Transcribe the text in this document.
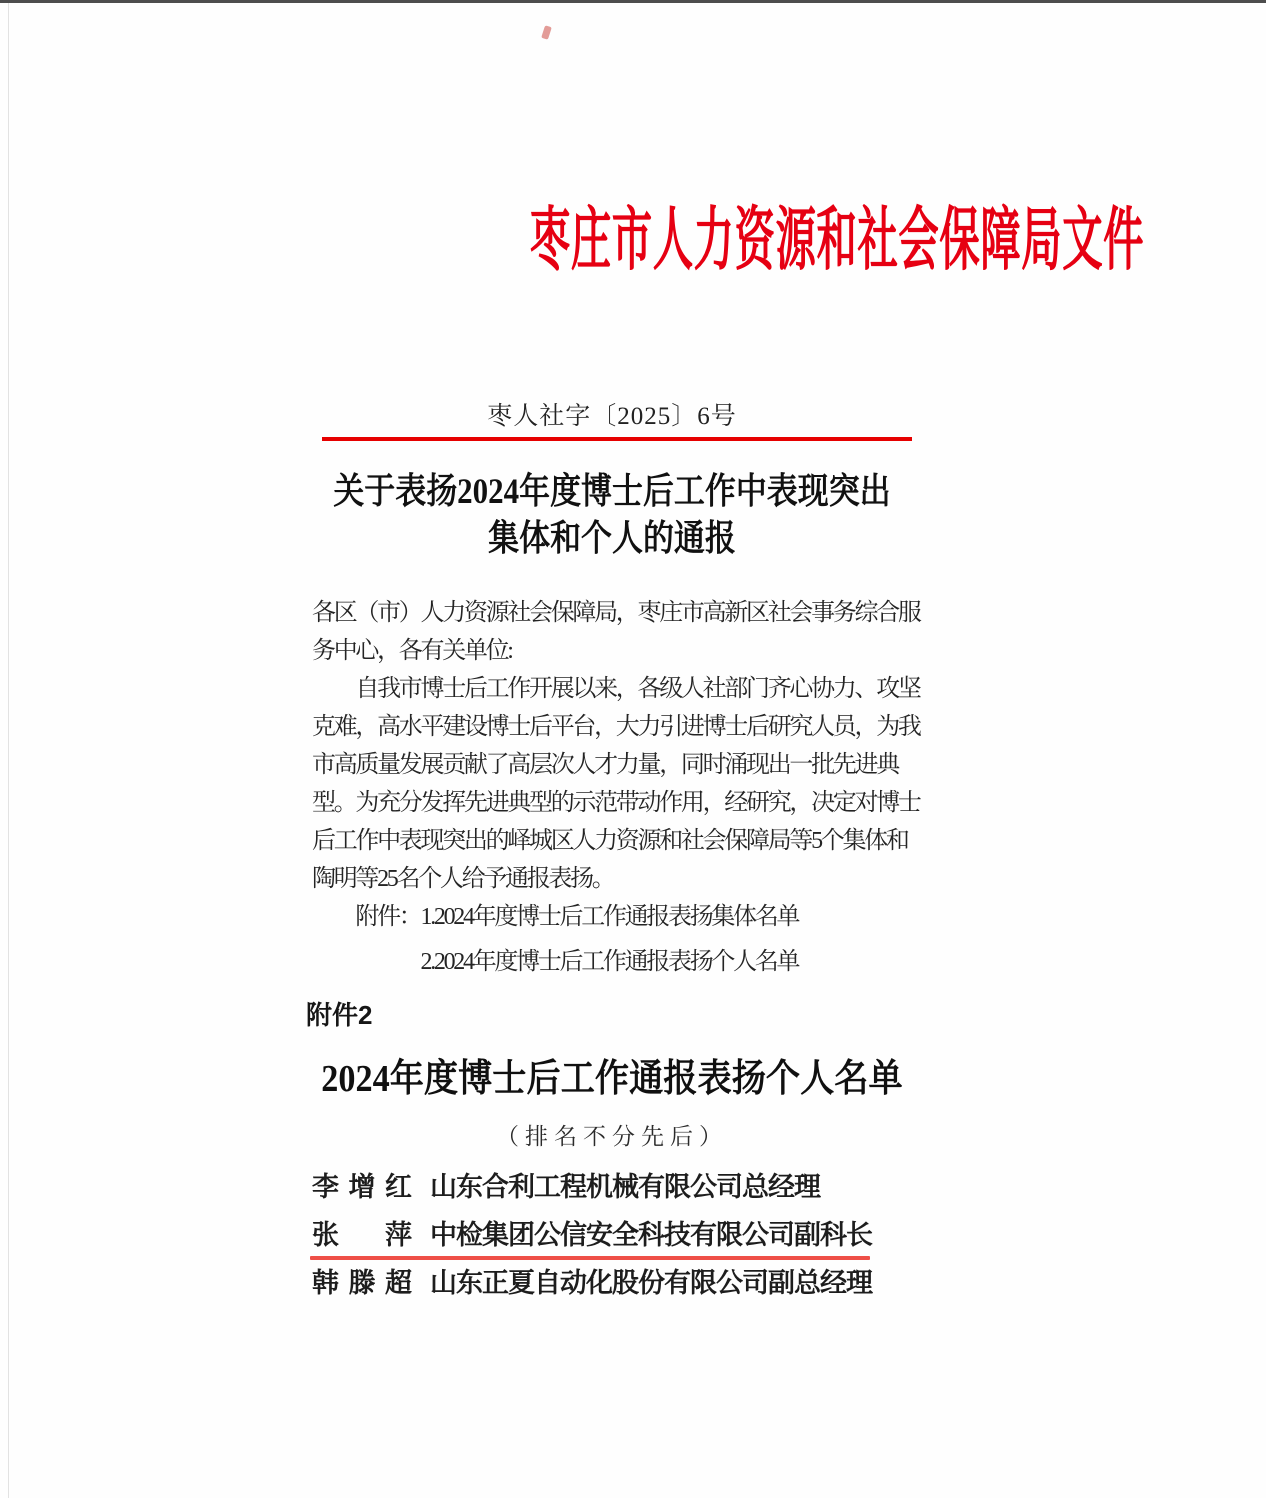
枣庄市人力资源和社会保障局文件
枣人社字〔2025〕6号
关于表扬2024年度博士后工作中表现突出
集体和个人的通报
各区（市）人力资源社会保障局，枣庄市高新区社会事务综合服
务中心，各有关单位:
　　自我市博士后工作开展以来，各级人社部门齐心协力、攻坚
克难，高水平建设博士后平台，大力引进博士后研究人员，为我
市高质量发展贡献了高层次人才力量，同时涌现出一批先进典
型。为充分发挥先进典型的示范带动作用，经研究，决定对博士
后工作中表现突出的峄城区人力资源和社会保障局等5个集体和
陶明等25名个人给予通报表扬。
　　附件：1.2024年度博士后工作通报表扬集体名单
　　　　　2.2024年度博士后工作通报表扬个人名单
附件2
2024年度博士后工作通报表扬个人名单
（排名不分先后）
李增红 山东合利工程机械有限公司总经理
张萍 中检集团公信安全科技有限公司副科长
韩滕超 山东正夏自动化股份有限公司副总经理
